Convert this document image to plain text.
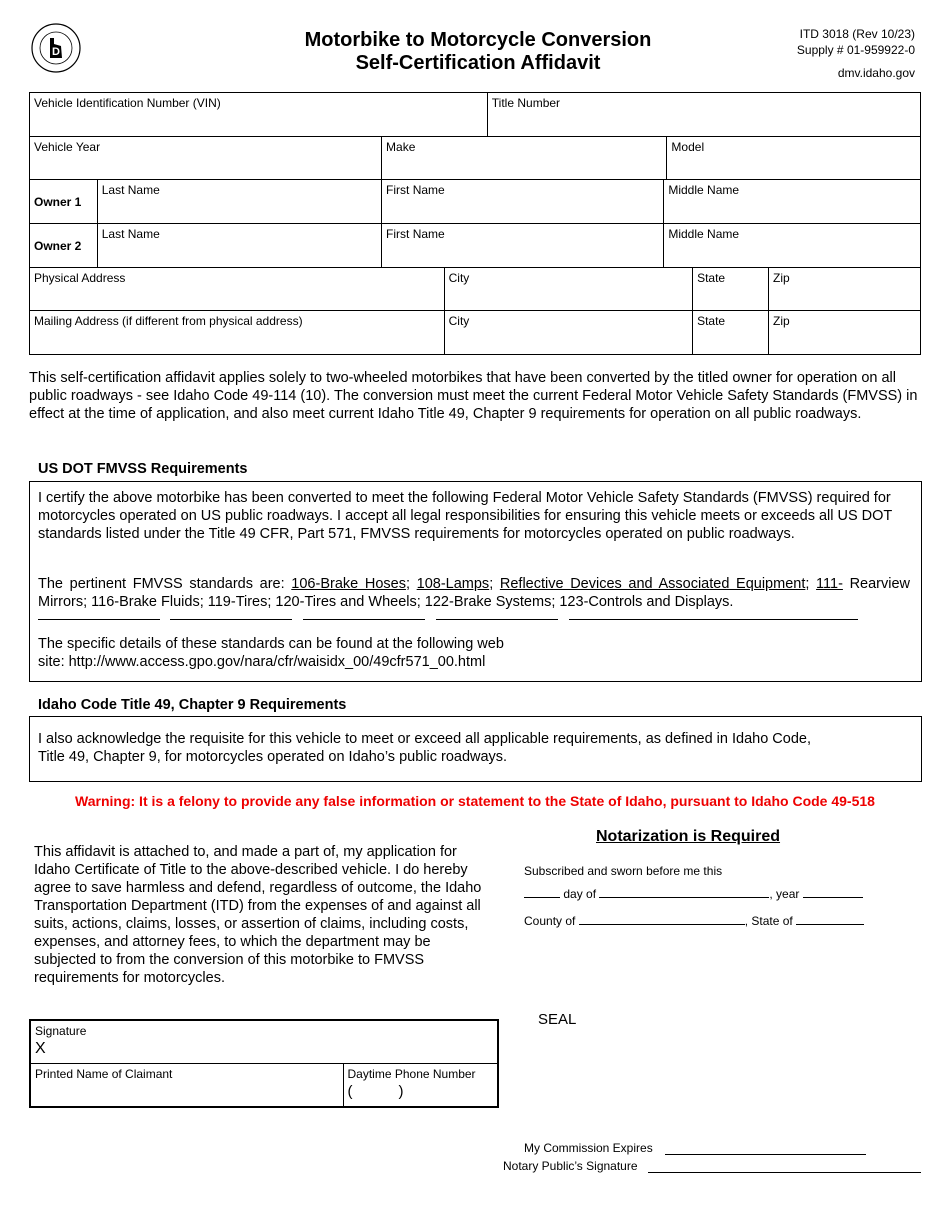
D
Motorbike to Motorcycle Conversion
Self-Certification Affidavit
ITD 3018 (Rev 10/23)
Supply # 01-959922-0
dmv.idaho.gov
Vehicle Identification Number (VIN)				Title Number				
Vehicle Year		Make				Model		
Owner 1	Last Name	First Name			Middle Name			
Owner 2	Last Name	First Name			Middle Name			
Physical Address			City				State	Zip
Mailing Address (if different from physical address)			City				State	Zip
This self-certification affidavit applies solely to two-wheeled motorbikes that have been converted by the titled owner for operation on all public roadways - see Idaho Code 49-114 (10). The conversion must meet the current Federal Motor Vehicle Safety Standards (FMVSS) in effect at the time of application, and also meet current Idaho Title 49, Chapter 9 requirements for operation on all public roadways.
US DOT FMVSS Requirements
I certify the above motorbike has been converted to meet the following Federal Motor Vehicle Safety Standards (FMVSS) required for motorcycles operated on US public roadways. I accept all legal responsibilities for ensuring this vehicle meets or exceeds all US DOT standards listed under the Title 49 CFR, Part 571, FMVSS requirements for motorcycles operated on public roadways.
The pertinent FMVSS standards are: 106-Brake Hoses; 108-Lamps; Reflective Devices and Associated Equipment; 111- Rearview Mirrors; 116-Brake Fluids; 119-Tires; 120-Tires and Wheels; 122-Brake Systems; 123-Controls and Displays.
The specific details of these standards can be found at the following web
site: http://www.access.gpo.gov/nara/cfr/waisidx_00/49cfr571_00.html
Idaho Code Title 49, Chapter 9 Requirements
I also acknowledge the requisite for this vehicle to meet or exceed all applicable requirements, as defined in Idaho Code, Title 49, Chapter 9, for motorcycles operated on Idaho’s public roadways.
Warning: It is a felony to provide any false information or statement to the State of Idaho, pursuant to Idaho Code 49-518
This affidavit is attached to, and made a part of, my application for Idaho Certificate of Title to the above-described vehicle. I do hereby agree to save harmless and defend, regardless of outcome, the Idaho Transportation Department (ITD) from the expenses of and against all suits, actions, claims, losses, or assertion of claims, including costs, expenses, and attorney fees, to which the department may be subjected to from the conversion of this motorbike to FMVSS requirements for motorcycles.
Signature
X

Printed Name of Claimant	Daytime Phone Number
(	)
Notarization is Required
Subscribed and sworn before me this
day of	, year
County of	, State of
SEAL
My Commission Expires
Notary Public’s Signature
